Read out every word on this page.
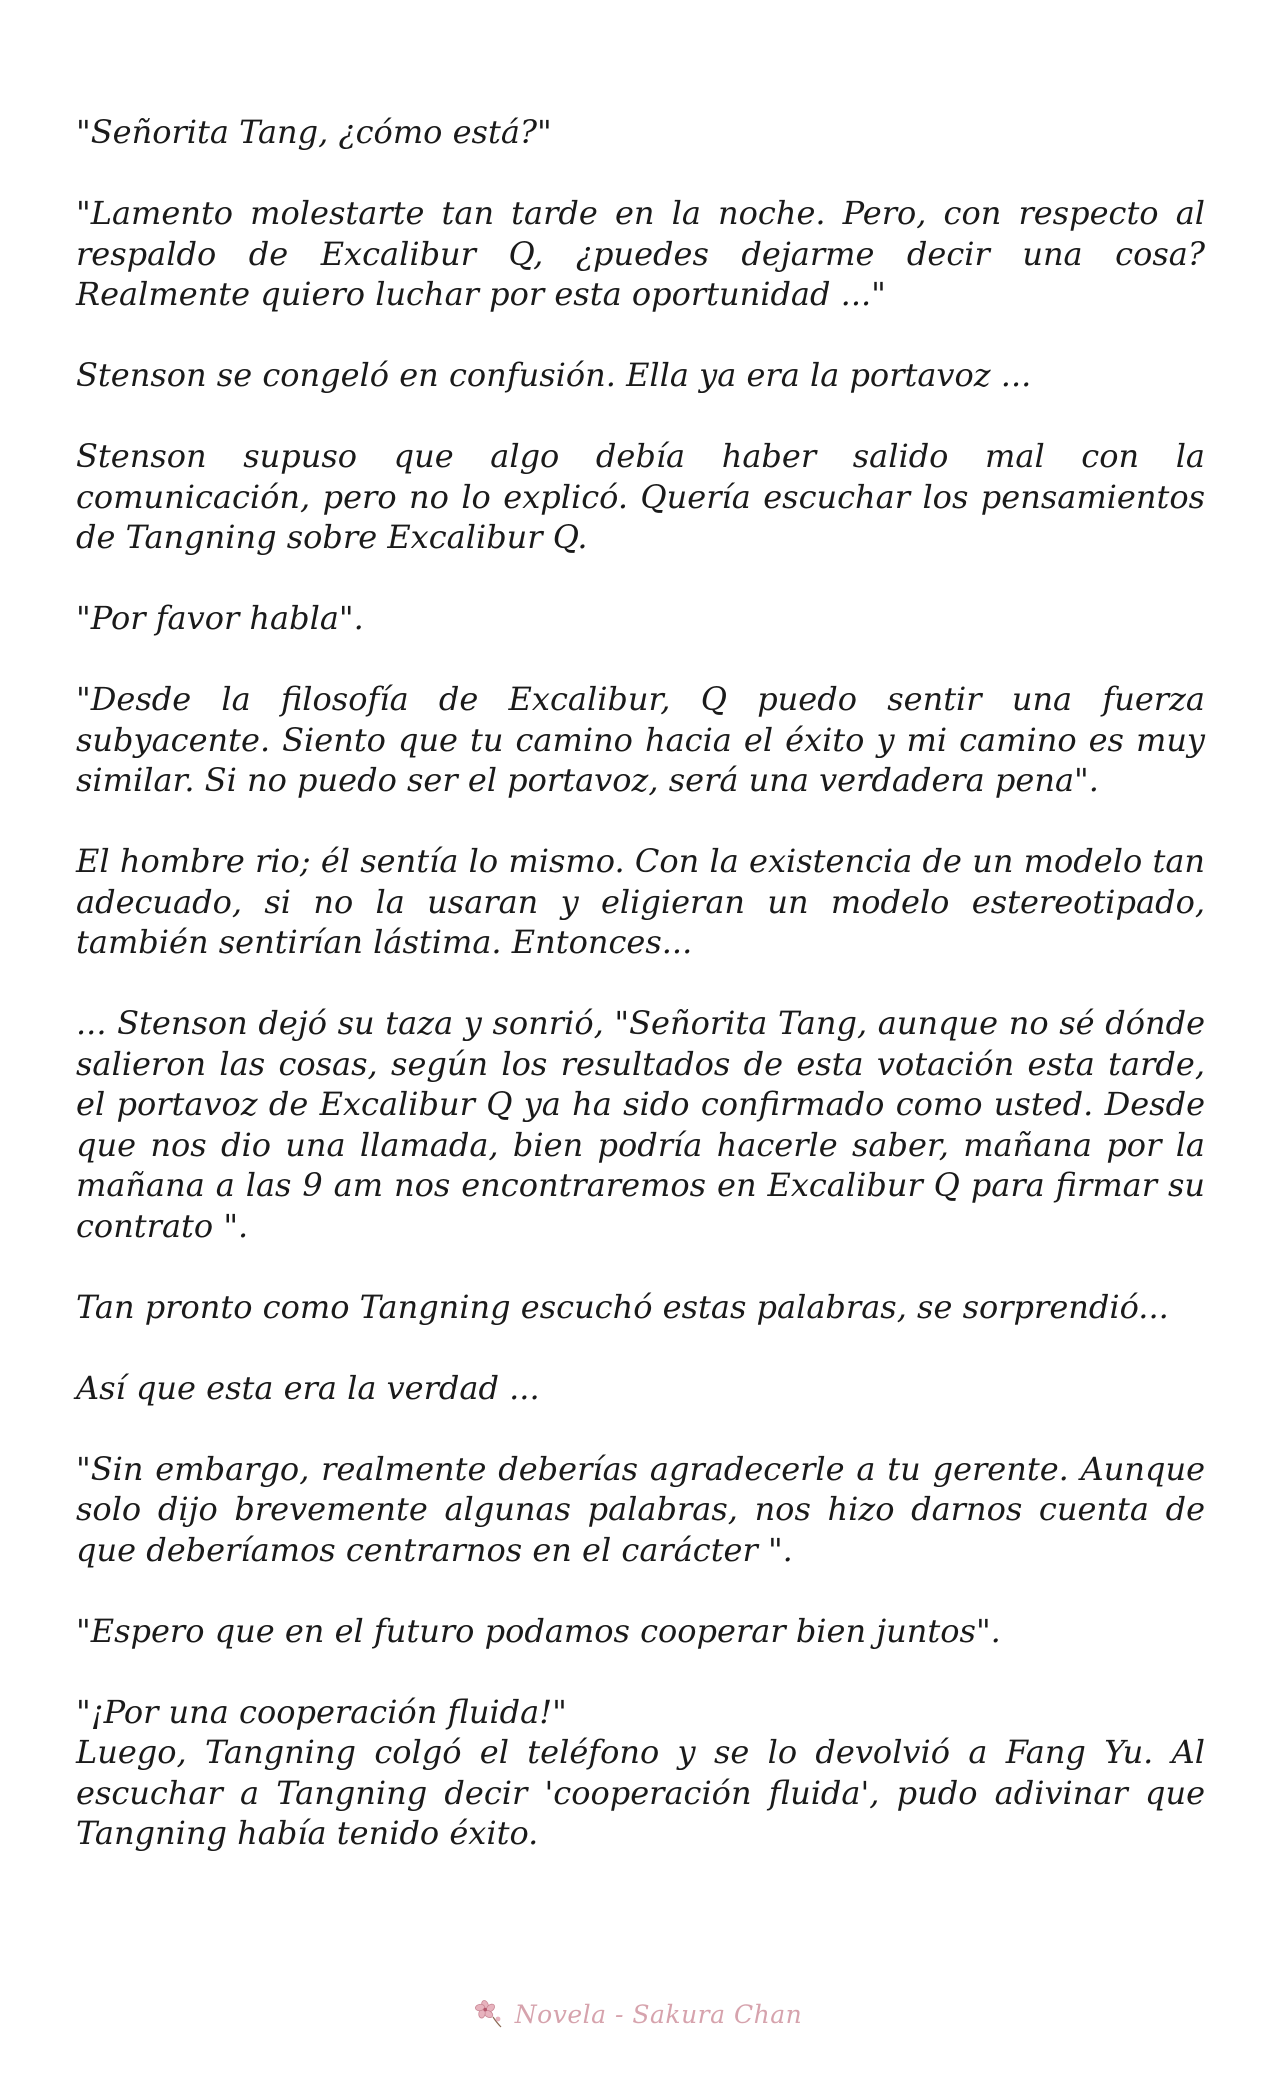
"Señorita Tang, ¿cómo está?"

"Lamento molestarte tan tarde en la noche. Pero, con respecto al respaldo de Excalibur Q, ¿puedes dejarme decir una cosa? Realmente quiero luchar por esta oportunidad ..."

Stenson se congeló en confusión. Ella ya era la portavoz ...

Stenson supuso que algo debía haber salido mal con la comunicación, pero no lo explicó. Quería escuchar los pensamientos de Tangning sobre Excalibur Q.

"Por favor habla".

"Desde la filosofía de Excalibur, Q puedo sentir una fuerza subyacente. Siento que tu camino hacia el éxito y mi camino es muy similar. Si no puedo ser el portavoz, será una verdadera pena".

El hombre rio; él sentía lo mismo. Con la existencia de un modelo tan adecuado, si no la usaran y eligieran un modelo estereotipado, también sentirían lástima. Entonces...

... Stenson dejó su taza y sonrió, "Señorita Tang, aunque no sé dónde salieron las cosas, según los resultados de esta votación esta tarde, el portavoz de Excalibur Q ya ha sido confirmado como usted. Desde que nos dio una llamada, bien podría hacerle saber, mañana por la mañana a las 9 am nos encontraremos en Excalibur Q para firmar su contrato ".

Tan pronto como Tangning escuchó estas palabras, se sorprendió...

Así que esta era la verdad ...

"Sin embargo, realmente deberías agradecerle a tu gerente. Aunque solo dijo brevemente algunas palabras, nos hizo darnos cuenta de que deberíamos centrarnos en el carácter ".

"Espero que en el futuro podamos cooperar bien juntos".

"¡Por una cooperación fluida!"

Luego, Tangning colgó el teléfono y se lo devolvió a Fang Yu. Al escuchar a Tangning decir 'cooperación fluida', pudo adivinar que Tangning había tenido éxito.

Novela - Sakura Chan
